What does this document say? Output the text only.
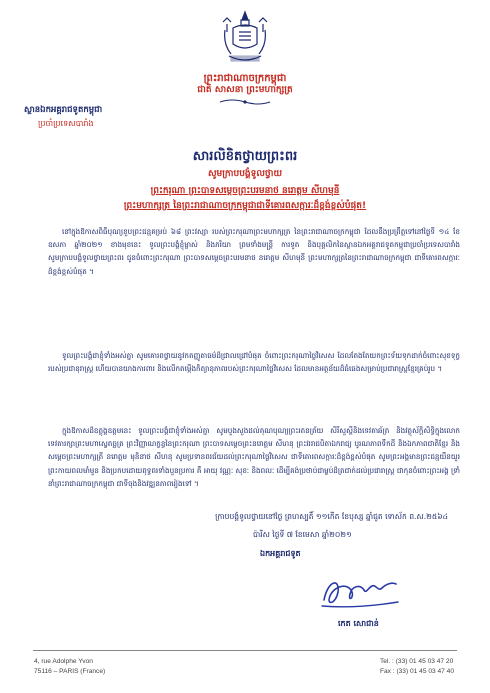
ព្រះរាជាណាចក្រកម្ពុជា
ជាតិ សាសនា ព្រះមហាក្សត្រ
ស្ថានឯកអគ្គរាជទូតកម្ពុជា
ប្រចាំប្រទេសបារាំង
សារលិខិតថ្វាយព្រះពរ
សូមក្រាបបង្គំទូលថ្វាយ
ព្រះករុណា ព្រះបាទសម្តេចព្រះបរមនាថ នរោត្តម សីហមុនី
ព្រះមហាក្សត្រ នៃព្រះរាជាណាចក្រកម្ពុជាជាទីគោរពសក្ការៈដ៏ខ្ពង់ខ្ពស់បំផុត!

នៅក្នុងឱកាសពិធីបុណ្យខួបព្រះជន្មគម្រប់ ៦៨ ព្រះវស្សា របស់ព្រះករុណាព្រះមហាក្សត្រ នៃព្រះរាជាណាចក្រកម្ពុជា ដែលនឹងប្រព្រឹត្តទៅនៅថ្ងៃទី ១៤ ខែឧសភា ឆ្នាំ២០២១ ខាងមុខនេះ ទូលព្រះបង្គំខ្ញុំម្ចាស់ និងភរិយា ព្រមទាំងមន្ត្រី ការទូត និងបុគ្គលិកនៃស្ថានឯកអគ្គរាជទូតកម្ពុជាប្រចាំប្រទេសបារាំង សូមក្រាបបង្គំទូលថ្វាយព្រះពរ ជូនចំពោះព្រះករុណា ព្រះបាទសម្តេចព្រះបរមនាថ នរោត្តម សីហមុនី ព្រះមហាក្សត្រនៃព្រះរាជាណាចក្រកម្ពុជា ជាទីគោរពសក្ការៈដ៏ខ្ពង់ខ្ពស់បំផុត ។

ទូលព្រះបង្គំជាខ្ញុំទាំងអស់គ្នា សូមគោរពថ្វាយនូវកតញ្ញូតាធម៌ដ៏ជ្រាលជ្រៅបំផុត ចំពោះព្រះករុណាថ្លៃវិសេស ដែលតែងតែយកព្រះទ័យទុកដាក់ចំពោះសុខទុក្ខរបស់ប្រជានុរាស្ត្រ ហើយបានយាងការពារ និងលើកតម្កើងកិត្យានុភាពរបស់ព្រះករុណាថ្លៃវិសេស ដែលមានអត្ថន័យដ៏ធំធេងសម្រាប់ប្រជារាស្ត្រខ្មែរគ្រប់រូប ។

ក្នុងឱកាសដ៏ឧត្តុង្គឧត្តមនេះ ទូលព្រះបង្គំជាខ្ញុំទាំងអស់គ្នា សូមបួងសួងដល់គុណបុណ្យព្រះរតនត្រ័យ សិរីសួស្តីនិងទេវតាឆ័ត្រ និងវត្ថុស័ក្តិសិទ្ធិក្នុងលោក ទេវតារក្សាព្រះមហាស្វេតច្ឆត្រ ព្រះវិញ្ញាណក្ខន្ធនៃព្រះករុណា ព្រះបាទសម្តេចព្រះនរោត្តម សីហនុ ព្រះវររាជបិតាឯករាជ្យ បូរណភាពទឹកដី និងឯកភាពជាតិខ្មែរ និងសម្តេចព្រះមហាក្សត្រី នរោត្តម មុនិនាថ សីហនុ សូមប្រទានពរជ័យដល់ព្រះករុណាថ្លៃវិសេស ជាទីគោរពសក្ការៈដ៏ខ្ពង់ខ្ពស់បំផុត សូមព្រះអង្គមានព្រះជន្មយឺនយូរ ព្រះកាយពលមាំមួន និងប្រកបដោយពុទ្ធពរទាំងបួនប្រការ គឺ អាយុ វណ្ណៈ សុខៈ និងពលៈ ដើម្បីគង់ប្រថាប់ជាម្លប់ដ៏ត្រជាក់ដល់ប្រជារាស្ត្រ ជាកុនចំពោះព្រះអង្គ ទ្រាំនាំព្រះរាជាណាចក្រកម្ពុជា ជាទីចុងនិងវឌ្ឍនភាពរៀងទៅ ។

ក្រាបបង្គំទូលថ្វាយនៅថ្ងៃ ព្រហស្បតិ៍ ១១កើត ខែបុស្ស ឆ្នាំជូត ទោស័ក ព.ស.២៥៦៤
ប៉ារីស ថ្ងៃទី ៧ ខែមេសា ឆ្នាំ២០២១
ឯកអគ្គរាជទូត
កេត សោជាន់
4, rue Adolphe Yvon
75116 – PARIS (France)
Tel. : (33) 01 45 03 47 20
Fax : (33) 01 45 03 47 40
